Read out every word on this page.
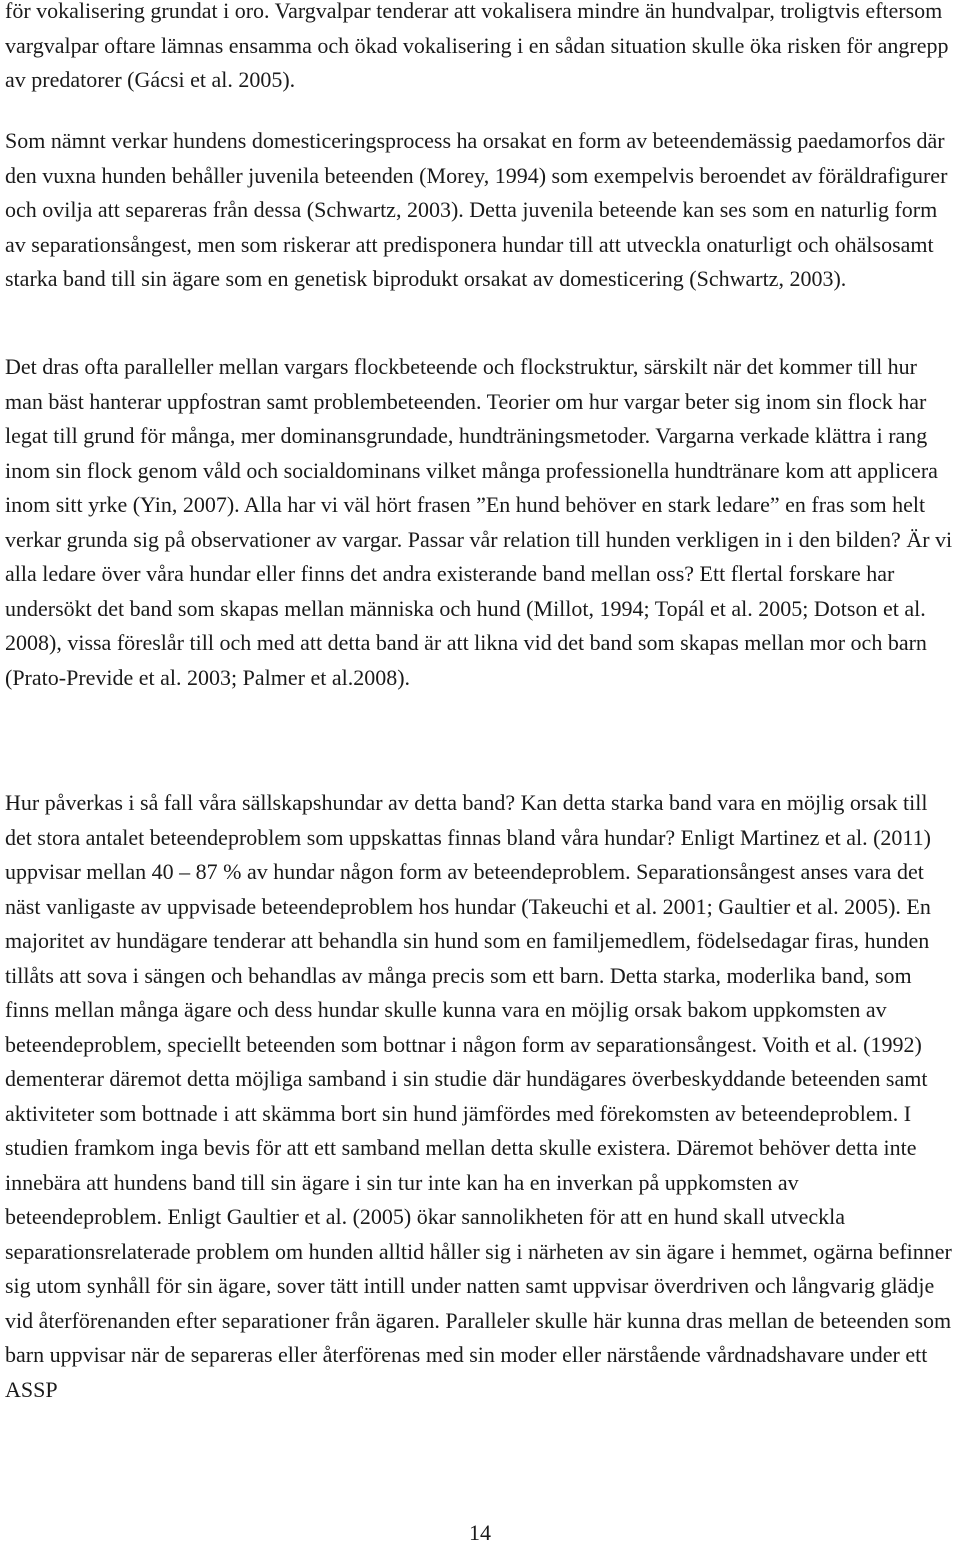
för vokalisering grundat i oro. Vargvalpar tenderar att vokalisera mindre än hundvalpar, troligtvis eftersom vargvalpar oftare lämnas ensamma och ökad vokalisering i en sådan situation skulle öka risken för angrepp av predatorer (Gácsi et al. 2005).

Som nämnt verkar hundens domesticeringsprocess ha orsakat en form av beteendemässig paedamorfos där den vuxna hunden behåller juvenila beteenden (Morey, 1994) som exempelvis beroendet av föräldrafigurer och ovilja att separeras från dessa (Schwartz, 2003). Detta juvenila beteende kan ses som en naturlig form av separationsångest, men som riskerar att predisponera hundar till att utveckla onaturligt och ohälsosamt starka band till sin ägare som en genetisk biprodukt orsakat av domesticering (Schwartz, 2003).

Det dras ofta paralleller mellan vargars flockbeteende och flockstruktur, särskilt när det kommer till hur man bäst hanterar uppfostran samt problembeteenden. Teorier om hur vargar beter sig inom sin flock har legat till grund för många, mer dominansgrundade, hundträningsmetoder. Vargarna verkade klättra i rang inom sin flock genom våld och socialdominans vilket många professionella hundtränare kom att applicera inom sitt yrke (Yin, 2007). Alla har vi väl hört frasen ”En hund behöver en stark ledare” en fras som helt verkar grunda sig på observationer av vargar. Passar vår relation till hunden verkligen in i den bilden? Är vi alla ledare över våra hundar eller finns det andra existerande band mellan oss? Ett flertal forskare har undersökt det band som skapas mellan människa och hund (Millot, 1994; Topál et al. 2005; Dotson et al. 2008), vissa föreslår till och med att detta band är att likna vid det band som skapas mellan mor och barn (Prato-Previde et al. 2003; Palmer et al.2008).

Hur påverkas i så fall våra sällskapshundar av detta band? Kan detta starka band vara en möjlig orsak till det stora antalet beteendeproblem som uppskattas finnas bland våra hundar? Enligt Martinez et al. (2011) uppvisar mellan 40 – 87 % av hundar någon form av beteendeproblem. Separationsångest anses vara det näst vanligaste av uppvisade beteendeproblem hos hundar (Takeuchi et al. 2001; Gaultier et al. 2005). En majoritet av hundägare tenderar att behandla sin hund som en familjemedlem, födelsedagar firas, hunden tillåts att sova i sängen och behandlas av många precis som ett barn. Detta starka, moderlika band, som finns mellan många ägare och dess hundar skulle kunna vara en möjlig orsak bakom uppkomsten av beteendeproblem, speciellt beteenden som bottnar i någon form av separationsångest. Voith et al. (1992) dementerar däremot detta möjliga samband i sin studie där hundägares överbeskyddande beteenden samt aktiviteter som bottnade i att skämma bort sin hund jämfördes med förekomsten av beteendeproblem. I studien framkom inga bevis för att ett samband mellan detta skulle existera. Däremot behöver detta inte innebära att hundens band till sin ägare i sin tur inte kan ha en inverkan på uppkomsten av beteendeproblem. Enligt Gaultier et al. (2005) ökar sannolikheten för att en hund skall utveckla separationsrelaterade problem om hunden alltid håller sig i närheten av sin ägare i hemmet, ogärna befinner sig utom synhåll för sin ägare, sover tätt intill under natten samt uppvisar överdriven och långvarig glädje vid återförenanden efter separationer från ägaren. Paralleler skulle här kunna dras mellan de beteenden som barn uppvisar när de separeras eller återförenas med sin moder eller närstående vårdnadshavare under ett ASSP

14
